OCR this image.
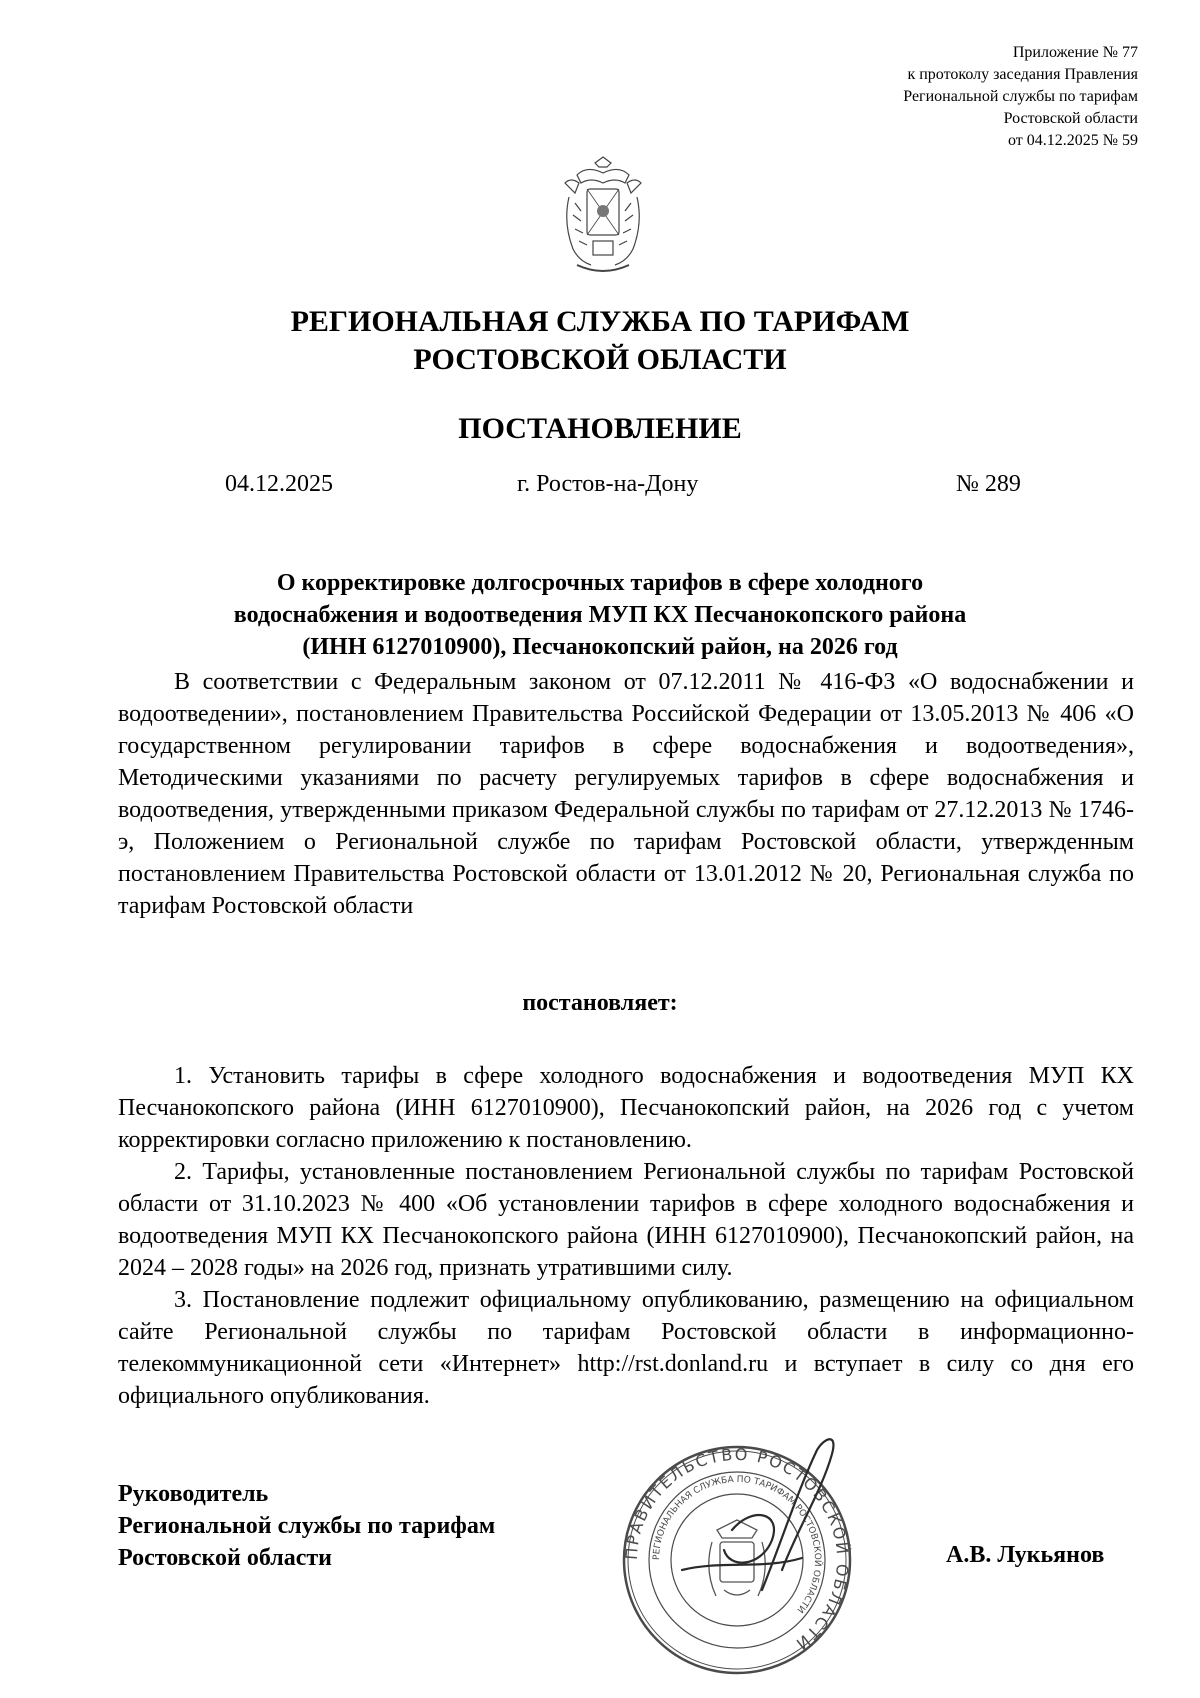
Приложение № 77
к протоколу заседания Правления
Региональной службы по тарифам
Ростовской области
от 04.12.2025 № 59
РЕГИОНАЛЬНАЯ СЛУЖБА ПО ТАРИФАМ
РОСТОВСКОЙ ОБЛАСТИ
ПОСТАНОВЛЕНИЕ
04.12.2025	г. Ростов-на-Дону	№ 289
О корректировке долгосрочных тарифов в сфере холодного
водоснабжения и водоотведения МУП КХ Песчанокопского района
(ИНН 6127010900), Песчанокопский район, на 2026 год
В соответствии с Федеральным законом от 07.12.2011 № 416-ФЗ «О водоснабжении и водоотведении», постановлением Правительства Российской Федерации от 13.05.2013 № 406 «О государственном регулировании тарифов в сфере водоснабжения и водоотведения», Методическими указаниями по расчету регулируемых тарифов в сфере водоснабжения и водоотведения, утвержденными приказом Федеральной службы по тарифам от 27.12.2013 № 1746-э, Положением о Региональной службе по тарифам Ростовской области, утвержденным постановлением Правительства Ростовской области от 13.01.2012 № 20, Региональная служба по тарифам Ростовской области
постановляет:

1. Установить тарифы в сфере холодного водоснабжения и водоотведения МУП КХ Песчанокопского района (ИНН 6127010900), Песчанокопский район, на 2026 год с учетом корректировки согласно приложению к постановлению.

2. Тарифы, установленные постановлением Региональной службы по тарифам Ростовской области от 31.10.2023 № 400 «Об установлении тарифов в сфере холодного водоснабжения и водоотведения МУП КХ Песчанокопского района (ИНН 6127010900), Песчанокопский район, на 2024 – 2028 годы» на 2026 год, признать утратившими силу.

3. Постановление подлежит официальному опубликованию, размещению на официальном сайте Региональной службы по тарифам Ростовской области в информационно-телекоммуникационной сети «Интернет» http://rst.donland.ru и вступает в силу со дня его официального опубликования.

Руководитель
Региональной службы по тарифам
Ростовской области	ПРАВИТЕЛЬСТВО РОСТОВСКОЙ ОБЛАСТИ
РЕГИОНАЛЬНАЯ СЛУЖБА ПО ТАРИФАМ РОСТОВСКОЙ ОБЛАСТИ
А.В. Лукьянов
